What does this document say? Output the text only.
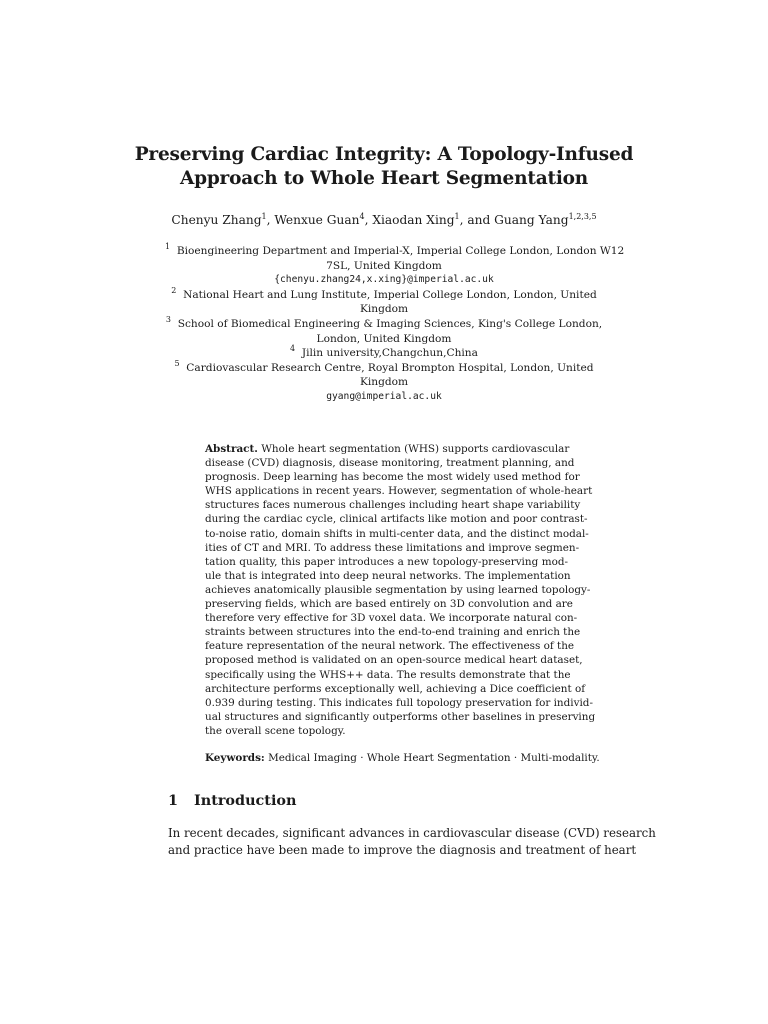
Preserving Cardiac Integrity: A Topology-Infused
Approach to Whole Heart Segmentation
Chenyu Zhang$^1$, Wenxue Guan$^4$, Xiaodan Xing$^1$, and Guang Yang$^{1,2,3,5}$
$^1$ Bioengineering Department and Imperial-X, Imperial College London, London W12
7SL, United Kingdom
{chenyu.zhang24,x.xing}@imperial.ac.uk
$^2$ National Heart and Lung Institute, Imperial College London, London, United
Kingdom
$^3$ School of Biomedical Engineering & Imaging Sciences, King's College London,
London, United Kingdom
$^4$ Jilin university,Changchun,China
$^5$ Cardiovascular Research Centre, Royal Brompton Hospital, London, United
Kingdom
gyang@imperial.ac.uk
Abstract. Whole heart segmentation (WHS) supports cardiovascular
disease (CVD) diagnosis, disease monitoring, treatment planning, and
prognosis. Deep learning has become the most widely used method for
WHS applications in recent years. However, segmentation of whole-heart
structures faces numerous challenges including heart shape variability
during the cardiac cycle, clinical artifacts like motion and poor contrast-
to-noise ratio, domain shifts in multi-center data, and the distinct modal-
ities of CT and MRI. To address these limitations and improve segmen-
tation quality, this paper introduces a new topology-preserving mod-
ule that is integrated into deep neural networks. The implementation
achieves anatomically plausible segmentation by using learned topology-
preserving fields, which are based entirely on 3D convolution and are
therefore very effective for 3D voxel data. We incorporate natural con-
straints between structures into the end-to-end training and enrich the
feature representation of the neural network. The effectiveness of the
proposed method is validated on an open-source medical heart dataset,
specifically using the WHS++ data. The results demonstrate that the
architecture performs exceptionally well, achieving a Dice coefficient of
0.939 during testing. This indicates full topology preservation for individ-
ual structures and significantly outperforms other baselines in preserving
the overall scene topology.
Keywords: Medical Imaging · Whole Heart Segmentation · Multi-modality.
1 Introduction
In recent decades, significant advances in cardiovascular disease (CVD) research
and practice have been made to improve the diagnosis and treatment of heart
